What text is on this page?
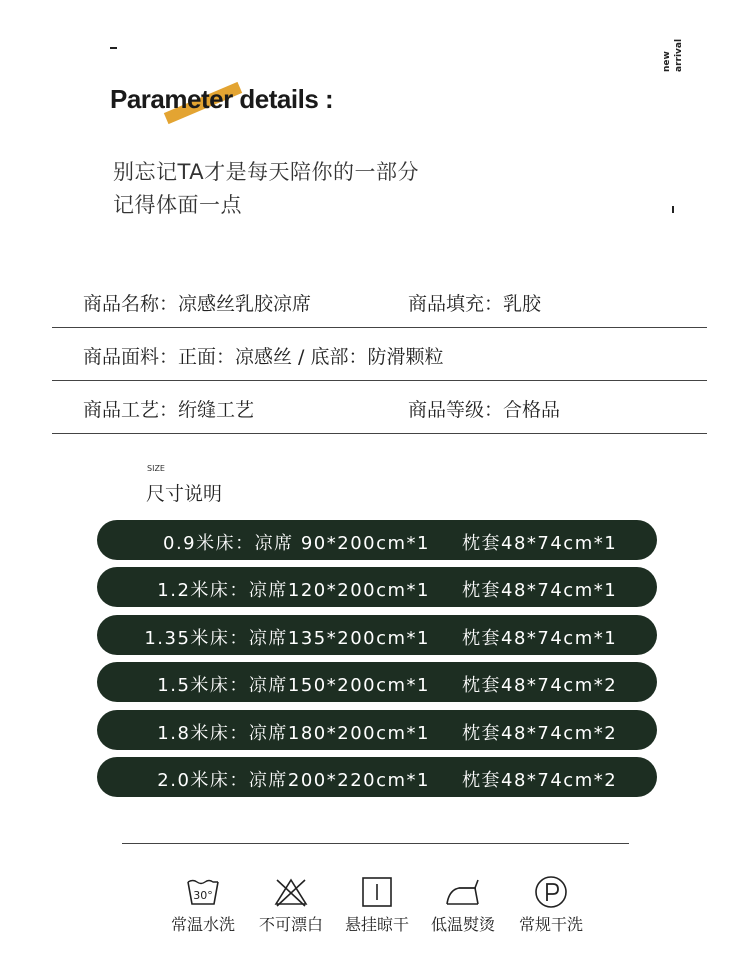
new arrival
Parameter details :
别忘记TA才是每天陪你的一部分
记得体面一点
商品名称：凉感丝乳胶凉席	商品填充：乳胶
商品面料：正面：凉感丝 / 底部：防滑颗粒
商品工艺：绗缝工艺	商品等级：合格品
SIZE
尺寸说明
0.9米床：凉席 90*200cm*1 枕套48*74cm*1
1.2米床：凉席120*200cm*1 枕套48*74cm*1
1.35米床：凉席135*200cm*1 枕套48*74cm*1
1.5米床：凉席150*200cm*1 枕套48*74cm*2
1.8米床：凉席180*200cm*1 枕套48*74cm*2
2.0米床：凉席200*220cm*1 枕套48*74cm*2
30°
常温水洗	不可漂白	悬挂晾干	低温熨烫	常规干洗
